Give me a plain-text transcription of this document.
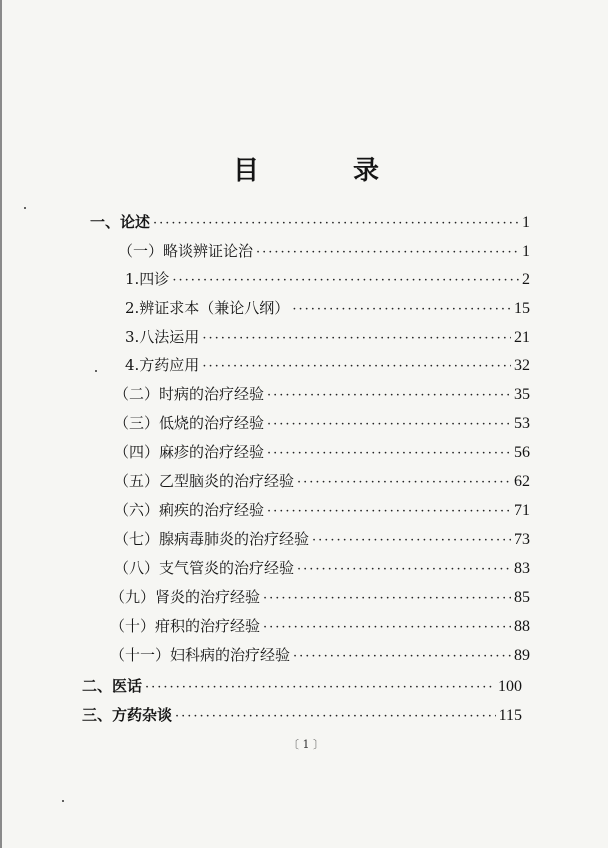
目　录
一、论述 ·····	1
（一）略谈辨证论治 ·····	1
1.四诊 ·····	2
2.辨证求本（兼论八纲） ·····	15
3.八法运用 ·····	21
4.方药应用 ·····	32
（二）时病的治疗经验 ·····	35
（三）低烧的治疗经验 ·····	53
（四）麻疹的治疗经验 ·····	56
（五）乙型脑炎的治疗经验 ·····	62
（六）痢疾的治疗经验 ·····	71
（七）腺病毒肺炎的治疗经验 ·····	73
（八）支气管炎的治疗经验 ·····	83
（九）肾炎的治疗经验 ·····	85
（十）疳积的治疗经验 ·····	88
（十一）妇科病的治疗经验 ·····	89
二、医话 ·····	100
三、方药杂谈 ·····	115
〔 1 〕
